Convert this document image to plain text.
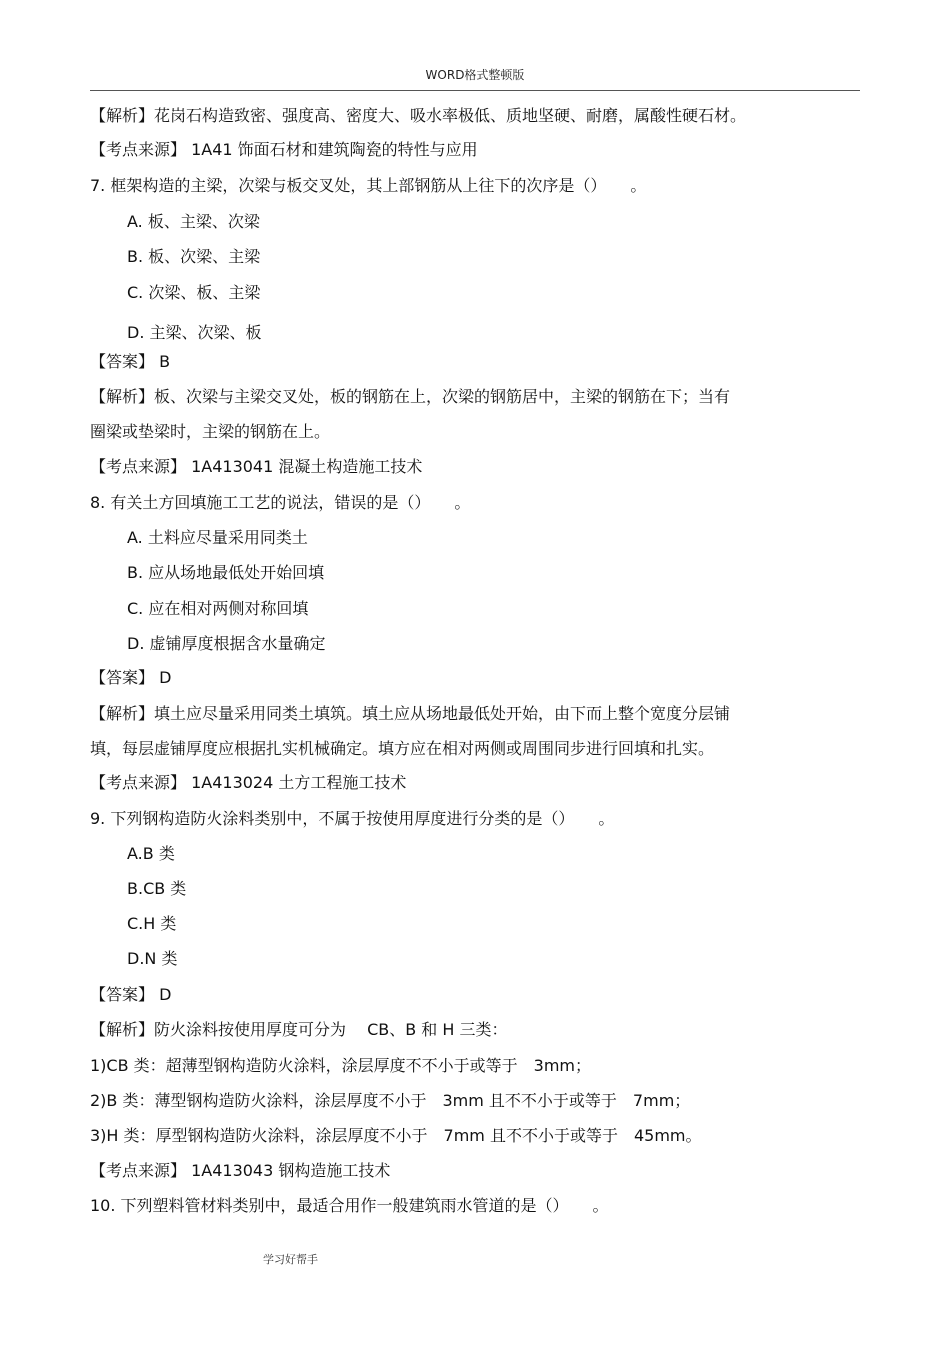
WORD格式整顿版
【解析】花岗石构造致密、强度高、密度大、吸水率极低、质地坚硬、耐磨，属酸性硬石材。
【考点来源】 1A41 饰面石材和建筑陶瓷的特性与应用
7. 框架构造的主梁，次梁与板交叉处，其上部钢筋从上往下的次序是（）　　。
A. 板、主梁、次梁
B. 板、次梁、主梁
C. 次梁、板、主梁
D. 主梁、次梁、板
【答案】 B
【解析】板、次梁与主梁交叉处，板的钢筋在上，次梁的钢筋居中，主梁的钢筋在下；当有
圈梁或垫梁时，主梁的钢筋在上。
【考点来源】 1A413041 混凝土构造施工技术
8. 有关土方回填施工工艺的说法，错误的是（）　　。
A. 土料应尽量采用同类土
B. 应从场地最低处开始回填
C. 应在相对两侧对称回填
D. 虚铺厚度根据含水量确定
【答案】 D
【解析】填土应尽量采用同类土填筑。填土应从场地最低处开始，由下而上整个宽度分层铺
填，每层虚铺厚度应根据扎实机械确定。填方应在相对两侧或周围同步进行回填和扎实。
【考点来源】 1A413024 土方工程施工技术
9. 下列钢构造防火涂料类别中，不属于按使用厚度进行分类的是（）　　。
A.B 类
B.CB 类
C.H 类
D.N 类
【答案】 D
【解析】防火涂料按使用厚度可分为　 CB、B 和 H 三类：
1)CB 类：超薄型钢构造防火涂料，涂层厚度不不小于或等于　3mm；
2)B 类：薄型钢构造防火涂料，涂层厚度不小于　3mm 且不不小于或等于　7mm；
3)H 类：厚型钢构造防火涂料，涂层厚度不小于　7mm 且不不小于或等于　45mm。
【考点来源】 1A413043 钢构造施工技术
10. 下列塑料管材料类别中，最适合用作一般建筑雨水管道的是（）　　。
学习好帮手
